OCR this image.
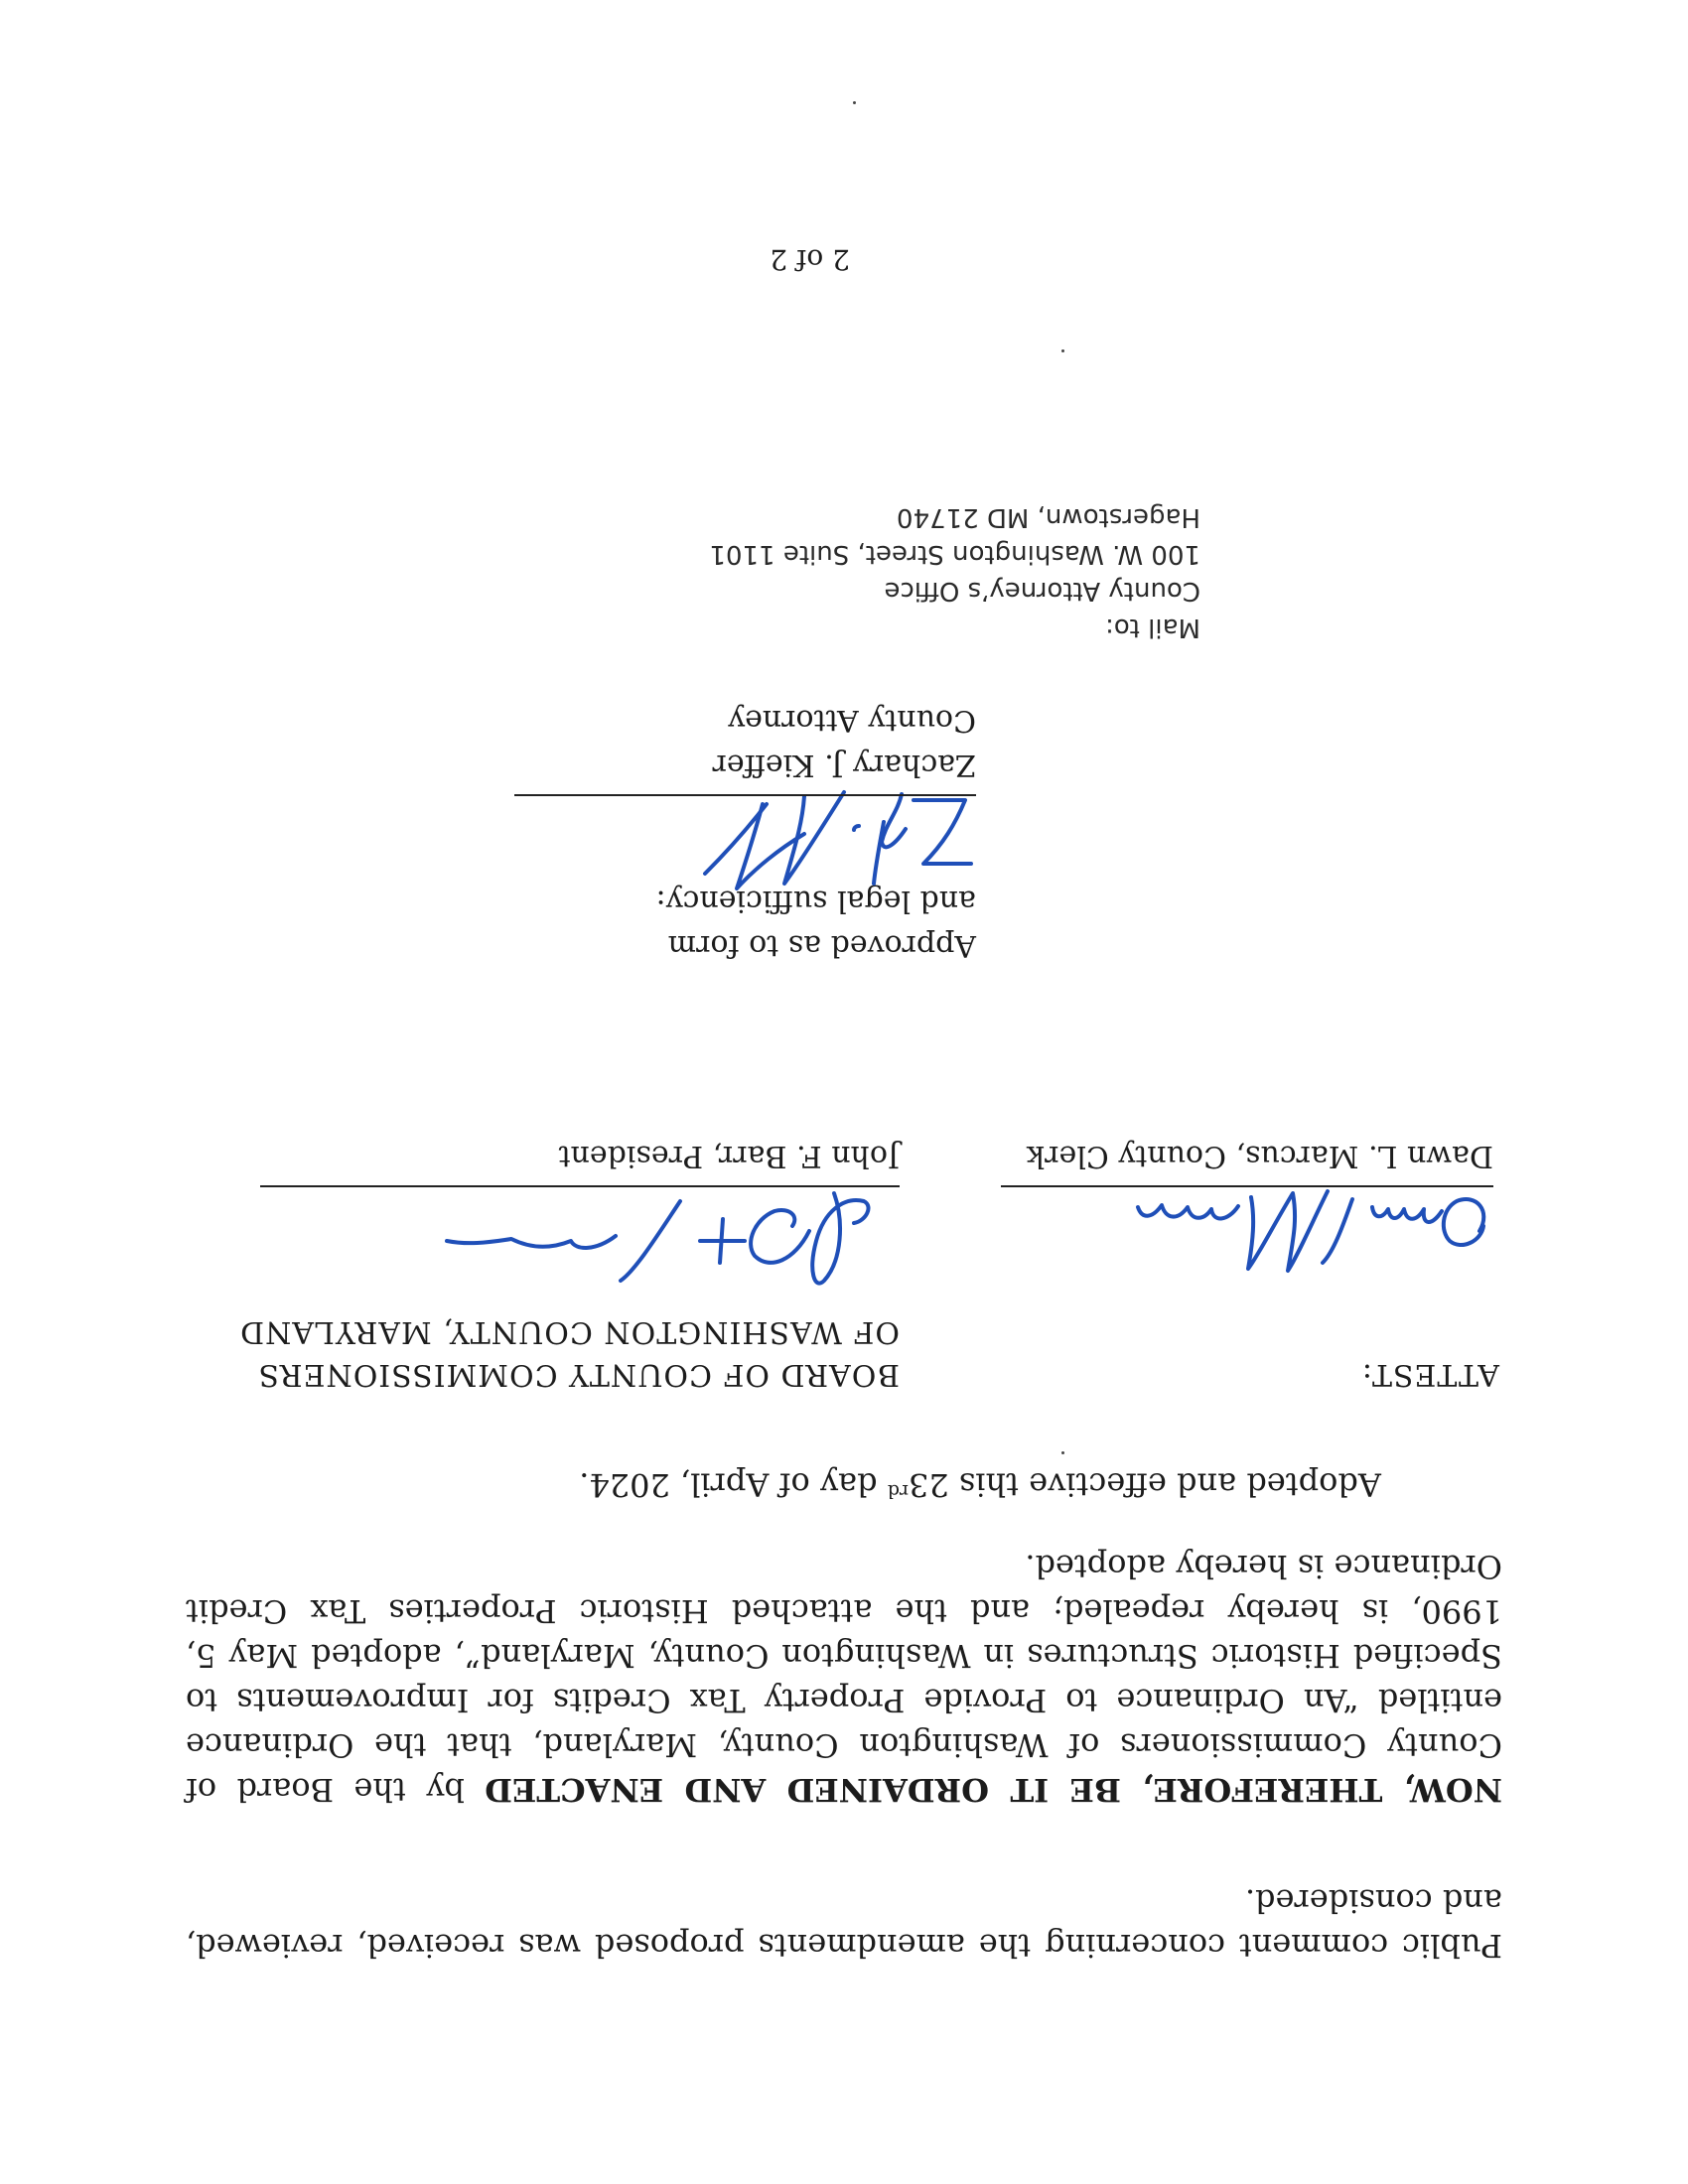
Public comment concerning the amendments proposed was received, reviewed, and considered.

NOW, THEREFORE, BE IT ORDAINED AND ENACTED by the Board of County Commissioners of Washington County, Maryland, that the Ordinance entitled “An Ordinance to Provide Property Tax Credits for Improvements to Specified Historic Structures in Washington County, Maryland”, adopted May 5, 1990, is hereby repealed; and the attached Historic Properties Tax Credit Ordinance is hereby adopted.

Adopted and effective this 23rd day of April, 2024.

ATTEST:
BOARD OF COUNTY COMMISSIONERS
OF WASHINGTON COUNTY, MARYLAND
Dawn L. Marcus, County Clerk
John F. Barr, President
Approved as to form
and legal sufficiency:
Zachary J. Kieffer
County Attorney
Mail to:
County Attorney’s Office
100 W. Washington Street, Suite 1101
Hagerstown, MD 21740
2 of 2
